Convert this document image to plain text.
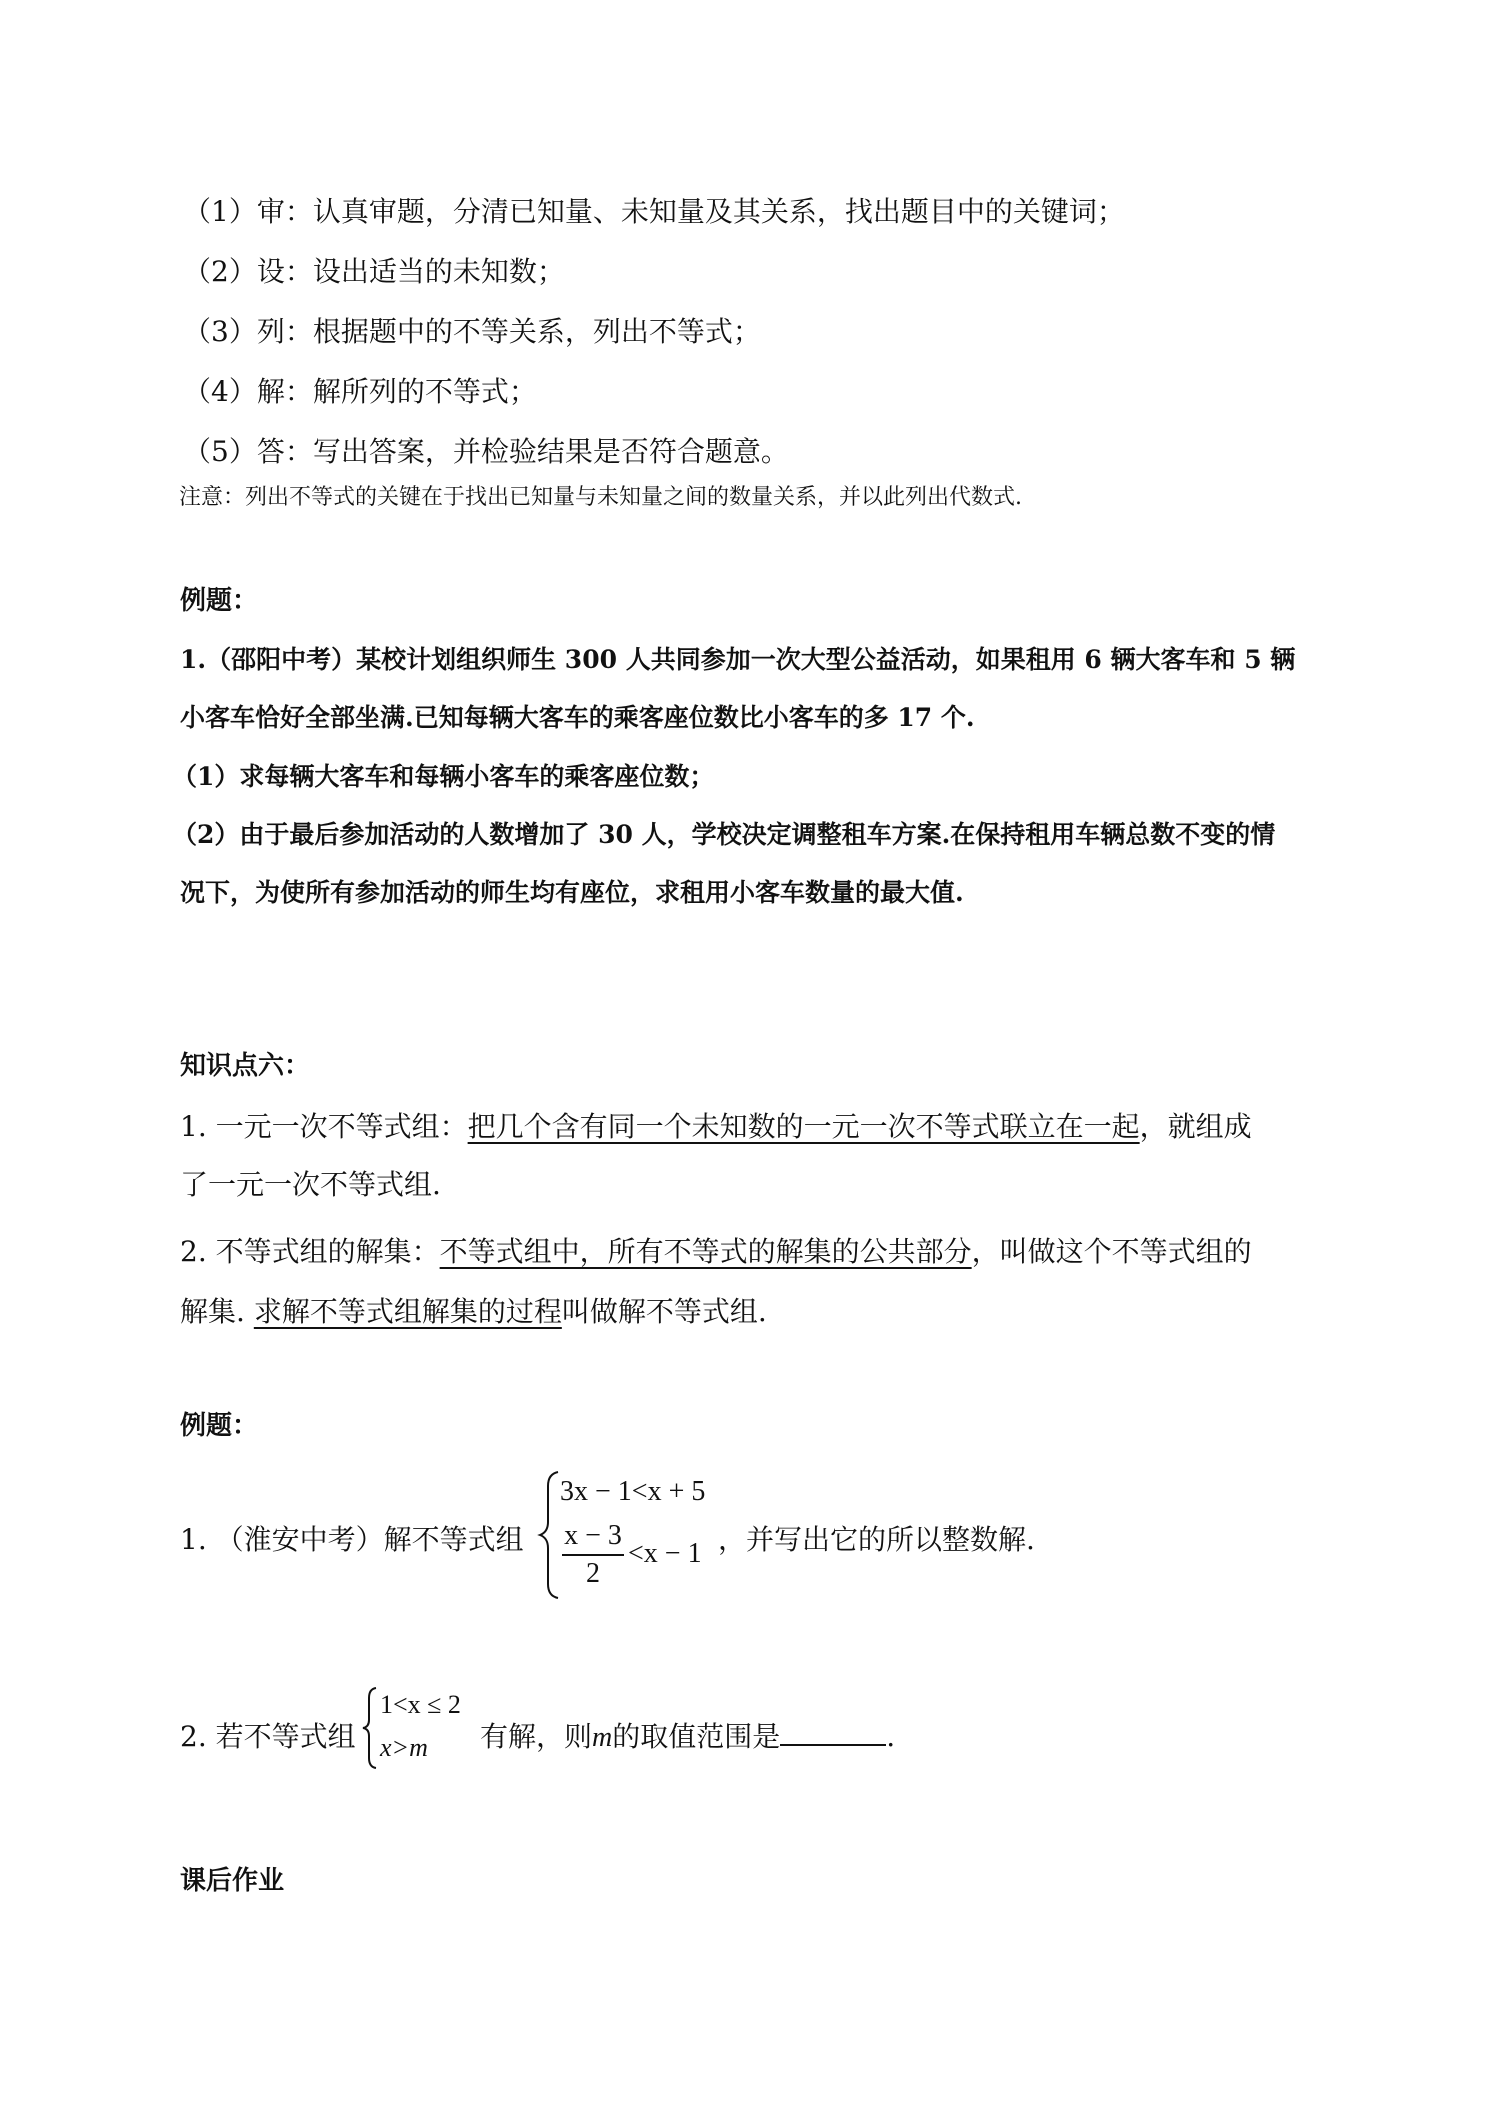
（1）审：认真审题，分清已知量、未知量及其关系，找出题目中的关键词；
（2）设：设出适当的未知数；
（3）列：根据题中的不等关系，列出不等式；
（4）解：解所列的不等式；
（5）答：写出答案，并检验结果是否符合题意。
注意：列出不等式的关键在于找出已知量与未知量之间的数量关系，并以此列出代数式.
例题：
1.（邵阳中考）某校计划组织师生 300 人共同参加一次大型公益活动，如果租用 6 辆大客车和 5 辆
小客车恰好全部坐满.已知每辆大客车的乘客座位数比小客车的多 17 个.
（1）求每辆大客车和每辆小客车的乘客座位数；
（2）由于最后参加活动的人数增加了 30 人，学校决定调整租车方案.在保持租用车辆总数不变的情
况下，为使所有参加活动的师生均有座位，求租用小客车数量的最大值.
知识点六：
1. 一元一次不等式组：把几个含有同一个未知数的一元一次不等式联立在一起，就组成
了一元一次不等式组.
2. 不等式组的解集：不等式组中，所有不等式的解集的公共部分，叫做这个不等式组的
解集. 求解不等式组解集的过程叫做解不等式组.
例题：
1. （淮安中考）解不等式组
3x − 1<x + 5
x − 3
2
<x − 1 ，并写出它的所以整数解.
2. 若不等式组
1<x ≤ 2
x>m 有解，则m的取值范围是	.
课后作业
